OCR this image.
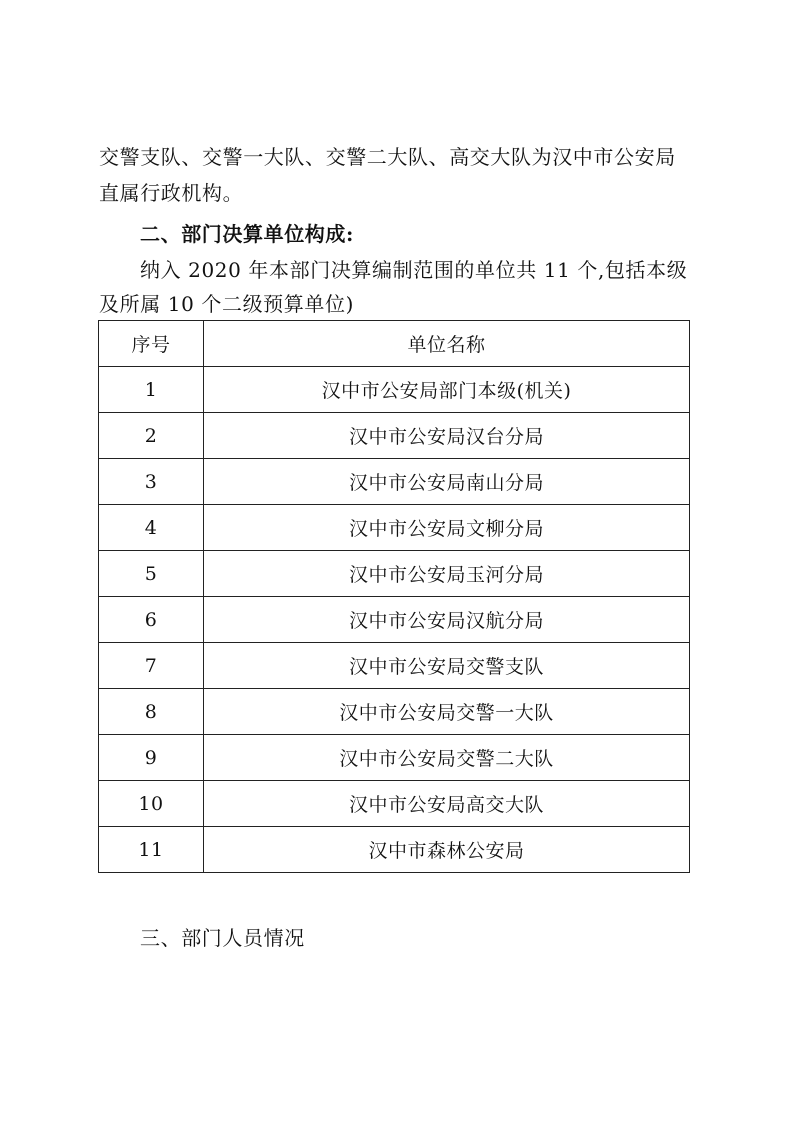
交警支队、交警一大队、交警二大队、高交大队为汉中市公安局
直属行政机构。
二、部门决算单位构成:
纳入 2020 年本部门决算编制范围的单位共 11 个,包括本级
及所属 10 个二级预算单位)
序号	单位名称
1	汉中市公安局部门本级(机关)
2	汉中市公安局汉台分局
3	汉中市公安局南山分局
4	汉中市公安局文柳分局
5	汉中市公安局玉河分局
6	汉中市公安局汉航分局
7	汉中市公安局交警支队
8	汉中市公安局交警一大队
9	汉中市公安局交警二大队
10	汉中市公安局高交大队
11	汉中市森林公安局
三、部门人员情况
